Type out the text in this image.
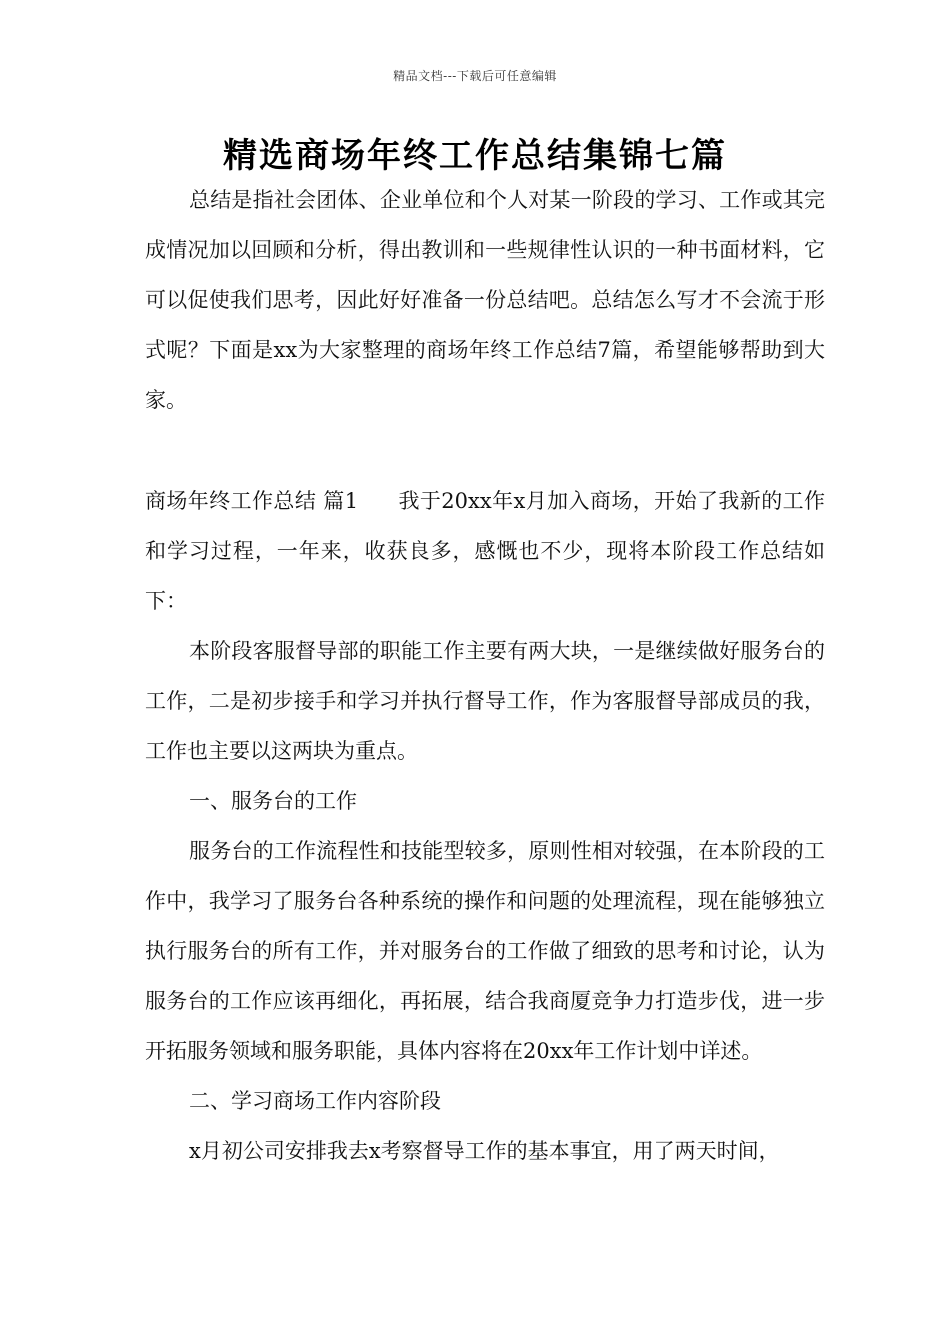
精品文档---下载后可任意编辑
精选商场年终工作总结集锦七篇

总结是指社会团体、企业单位和个人对某一阶段的学习、工作或其完成情况加以回顾和分析，得出教训和一些规律性认识的一种书面材料，它可以促使我们思考，因此好好准备一份总结吧。总结怎么写才不会流于形式呢？下面是xx为大家整理的商场年终工作总结7篇，希望能够帮助到大家。

商场年终工作总结 篇1 我于20xx年x月加入商场，开始了我新的工作和学习过程，一年来，收获良多，感慨也不少，现将本阶段工作总结如下：

本阶段客服督导部的职能工作主要有两大块，一是继续做好服务台的工作，二是初步接手和学习并执行督导工作，作为客服督导部成员的我，工作也主要以这两块为重点。

一、服务台的工作

服务台的工作流程性和技能型较多，原则性相对较强，在本阶段的工作中，我学习了服务台各种系统的操作和问题的处理流程，现在能够独立执行服务台的所有工作，并对服务台的工作做了细致的思考和讨论，认为服务台的工作应该再细化，再拓展，结合我商厦竞争力打造步伐，进一步开拓服务领域和服务职能，具体内容将在20xx年工作计划中详述。

二、学习商场工作内容阶段

x月初公司安排我去x考察督导工作的基本事宜，用了两天时间，
